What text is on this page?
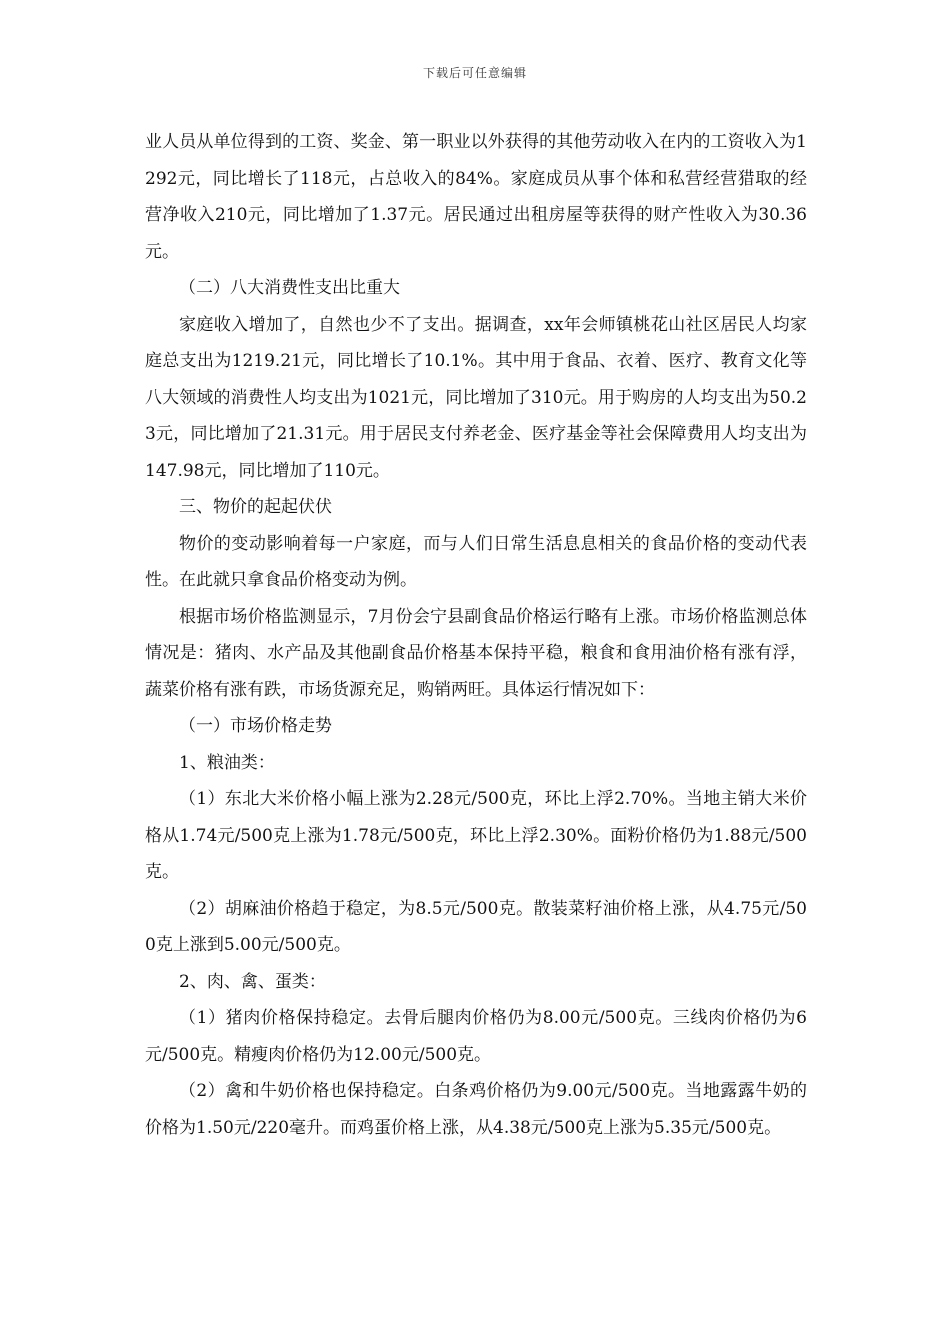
下载后可任意编辑

业人员从单位得到的工资、奖金、第一职业以外获得的其他劳动收入在内的工资收入为1292元，同比增长了118元，占总收入的84%。家庭成员从事个体和私营经营猎取的经营净收入210元，同比增加了1.37元。居民通过出租房屋等获得的财产性收入为30.36元。

（二）八大消费性支出比重大

家庭收入增加了，自然也少不了支出。据调查，xx年会师镇桃花山社区居民人均家庭总支出为1219.21元，同比增长了10.1%。其中用于食品、衣着、医疗、教育文化等八大领域的消费性人均支出为1021元，同比增加了310元。用于购房的人均支出为50.23元，同比增加了21.31元。用于居民支付养老金、医疗基金等社会保障费用人均支出为147.98元，同比增加了110元。

三、物价的起起伏伏

物价的变动影响着每一户家庭，而与人们日常生活息息相关的食品价格的变动代表性。在此就只拿食品价格变动为例。

根据市场价格监测显示，7月份会宁县副食品价格运行略有上涨。市场价格监测总体情况是：猪肉、水产品及其他副食品价格基本保持平稳，粮食和食用油价格有涨有浮，蔬菜价格有涨有跌，市场货源充足，购销两旺。具体运行情况如下：

（一）市场价格走势

1、粮油类：

（1）东北大米价格小幅上涨为2.28元/500克，环比上浮2.70%。当地主销大米价格从1.74元/500克上涨为1.78元/500克，环比上浮2.30%。面粉价格仍为1.88元/500克。

（2）胡麻油价格趋于稳定，为8.5元/500克。散装菜籽油价格上涨，从4.75元/500克上涨到5.00元/500克。

2、肉、禽、蛋类：

（1）猪肉价格保持稳定。去骨后腿肉价格仍为8.00元/500克。三线肉价格仍为6元/500克。精瘦肉价格仍为12.00元/500克。

（2）禽和牛奶价格也保持稳定。白条鸡价格仍为9.00元/500克。当地露露牛奶的价格为1.50元/220毫升。而鸡蛋价格上涨，从4.38元/500克上涨为5.35元/500克。
